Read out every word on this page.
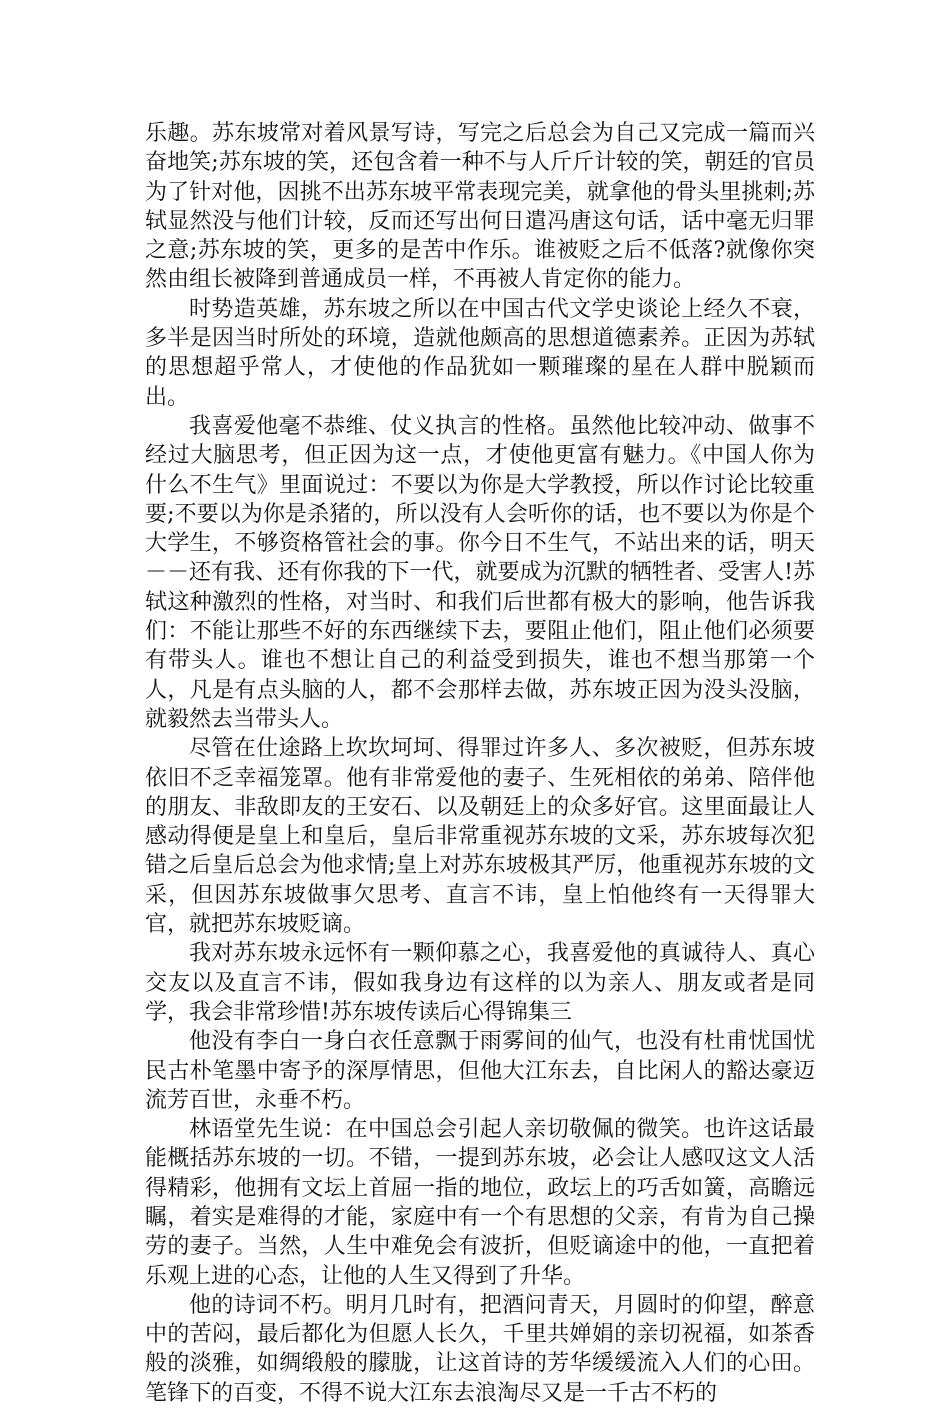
乐趣。苏东坡常对着风景写诗，写完之后总会为自己又完成一篇而兴奋地笑;苏东坡的笑，还包含着一种不与人斤斤计较的笑，朝廷的官员为了针对他，因挑不出苏东坡平常表现完美，就拿他的骨头里挑刺;苏轼显然没与他们计较，反而还写出何日遣冯唐这句话，话中毫无归罪之意;苏东坡的笑，更多的是苦中作乐。谁被贬之后不低落?就像你突然由组长被降到普通成员一样，不再被人肯定你的能力。

时势造英雄，苏东坡之所以在中国古代文学史谈论上经久不衰，多半是因当时所处的环境，造就他颇高的思想道德素养。正因为苏轼的思想超乎常人，才使他的作品犹如一颗璀璨的星在人群中脱颖而出。

我喜爱他毫不恭维、仗义执言的性格。虽然他比较冲动、做事不经过大脑思考，但正因为这一点，才使他更富有魅力。《中国人你为什么不生气》里面说过：不要以为你是大学教授，所以作讨论比较重要;不要以为你是杀猪的，所以没有人会听你的话，也不要以为你是个大学生，不够资格管社会的事。你今日不生气，不站出来的话，明天－－还有我、还有你我的下一代，就要成为沉默的牺牲者、受害人!苏轼这种激烈的性格，对当时、和我们后世都有极大的影响，他告诉我们：不能让那些不好的东西继续下去，要阻止他们，阻止他们必须要有带头人。谁也不想让自己的利益受到损失，谁也不想当那第一个人，凡是有点头脑的人，都不会那样去做，苏东坡正因为没头没脑，就毅然去当带头人。

尽管在仕途路上坎坎坷坷、得罪过许多人、多次被贬，但苏东坡依旧不乏幸福笼罩。他有非常爱他的妻子、生死相依的弟弟、陪伴他的朋友、非敌即友的王安石、以及朝廷上的众多好官。这里面最让人感动得便是皇上和皇后，皇后非常重视苏东坡的文采，苏东坡每次犯错之后皇后总会为他求情;皇上对苏东坡极其严厉，他重视苏东坡的文采，但因苏东坡做事欠思考、直言不讳，皇上怕他终有一天得罪大官，就把苏东坡贬谪。

我对苏东坡永远怀有一颗仰慕之心，我喜爱他的真诚待人、真心交友以及直言不讳，假如我身边有这样的以为亲人、朋友或者是同学，我会非常珍惜!苏东坡传读后心得锦集三

他没有李白一身白衣任意飘于雨雾间的仙气，也没有杜甫忧国忧民古朴笔墨中寄予的深厚情思，但他大江东去，自比闲人的豁达豪迈流芳百世，永垂不朽。

林语堂先生说：在中国总会引起人亲切敬佩的微笑。也许这话最能概括苏东坡的一切。不错，一提到苏东坡，必会让人感叹这文人活得精彩，他拥有文坛上首屈一指的地位，政坛上的巧舌如簧，高瞻远瞩，着实是难得的才能，家庭中有一个有思想的父亲，有肯为自己操劳的妻子。当然，人生中难免会有波折，但贬谪途中的他，一直把着乐观上进的心态，让他的人生又得到了升华。

他的诗词不朽。明月几时有，把酒问青天，月圆时的仰望，醉意中的苦闷，最后都化为但愿人长久，千里共婵娟的亲切祝福，如茶香般的淡雅，如绸缎般的朦胧，让这首诗的芳华缓缓流入人们的心田。笔锋下的百变，不得不说大江东去浪淘尽又是一千古不朽的
